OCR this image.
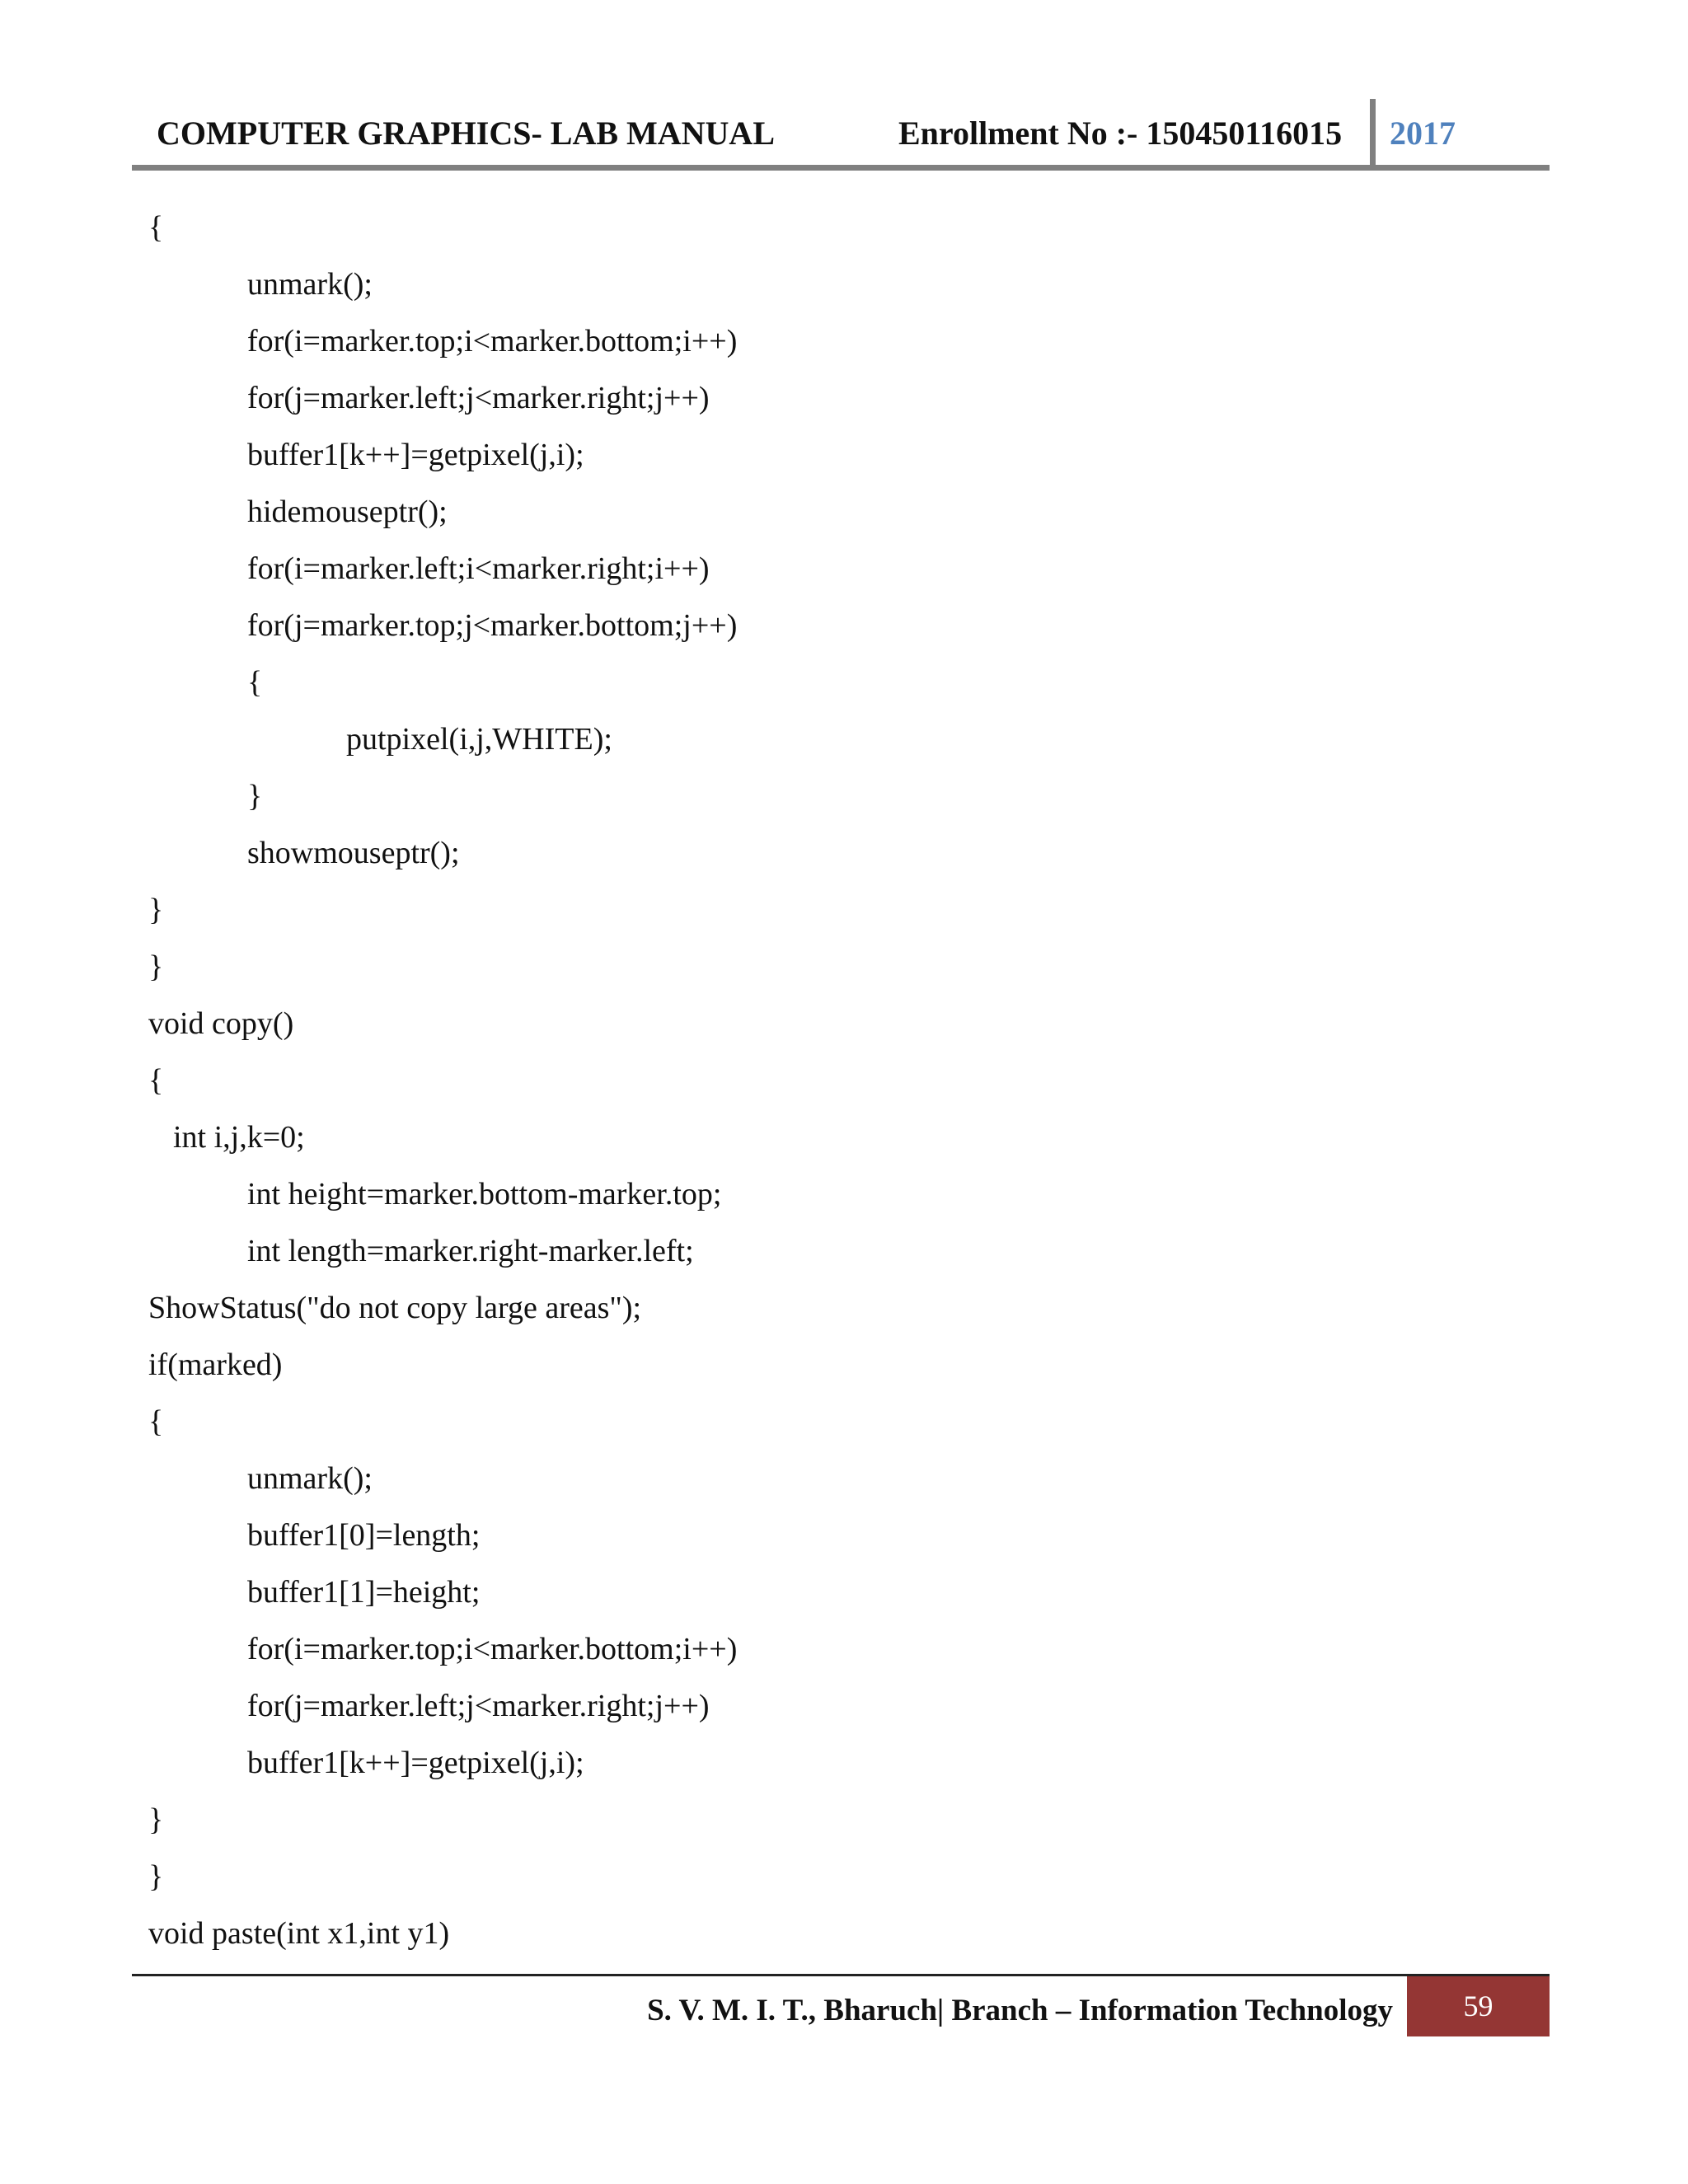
COMPUTER GRAPHICS- LAB MANUAL	Enrollment No :- 150450116015 2017
{
unmark();
for(i=marker.top;i<marker.bottom;i++)
for(j=marker.left;j<marker.right;j++)
buffer1[k++]=getpixel(j,i);
hidemouseptr();
for(i=marker.left;i<marker.right;i++)
for(j=marker.top;j<marker.bottom;j++)
{
putpixel(i,j,WHITE);
}
showmouseptr();
}
}
void copy()
{
int i,j,k=0;
int height=marker.bottom-marker.top;
int length=marker.right-marker.left;
ShowStatus("do not copy large areas");
if(marked)
{
unmark();
buffer1[0]=length;
buffer1[1]=height;
for(i=marker.top;i<marker.bottom;i++)
for(j=marker.left;j<marker.right;j++)
buffer1[k++]=getpixel(j,i);
}
}
void paste(int x1,int y1)
S. V. M. I. T., Bharuch| Branch – Information Technology	59
